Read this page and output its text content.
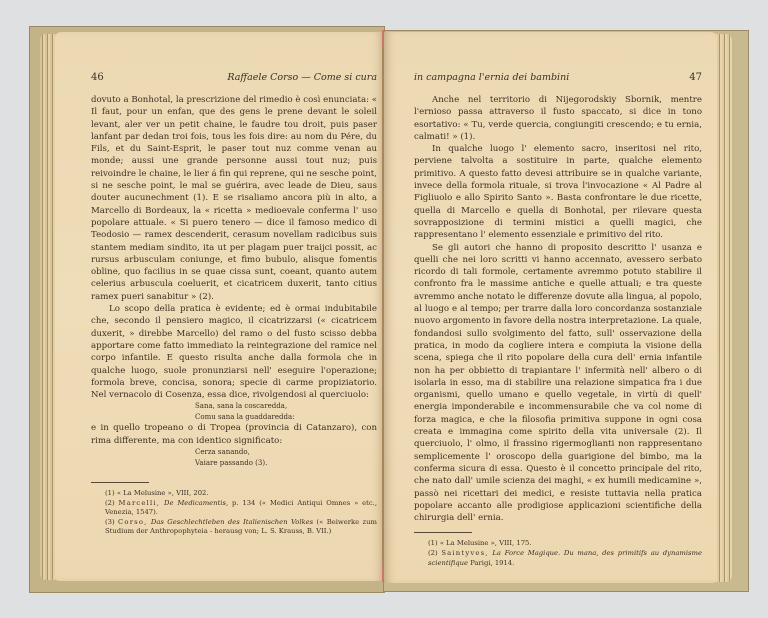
46	Raffaele Corso — Come si cura

dovuto a Bonhotal, la prescrizione del rimedio è così enunciata: « Il faut, pour un enfan, que des gens le prene devant le soleil levant, aler ver un petit chaine, le faudre tou droit, puis paser lanfant par dedan troi fois, tous les fois dire: au nom du Pére, du Fils, et du Saint-Esprit, le paser tout nuz comme venan au monde; aussi une grande personne aussi tout nuz; puis reivoindre le chaine, le lier á fin qui reprene, qui ne sesche point, si ne sesche point, le mal se guérira, avec leade de Dieu, saus douter aucunechment (1). E se risaliamo ancora più in alto, a Marcello di Bordeaux, la « ricetta » medioevale conferma l' uso popolare attuale. « Si puero tenero — dice il famoso medico di Teodosio — ramex descenderit, cerasum novellam radicibus suis stantem mediam sindito, ita ut per plagam puer traijci possit, ac rursus arbusculam coniunge, et fimo bubulo, alisque fomentis obline, quo facilius in se quae cissa sunt, coeant, quanto autem celerius arbuscula coeluerit, et cicatricem duxerit, tanto citius ramex pueri sanabitur » (2).

Lo scopo della pratica è evidente; ed è ormai indubitabile che, secondo il pensiero magico, il cicatrizzarsi (« cicatricem duxerit, » direbbe Marcello) del ramo o del fusto scisso debba apportare come fatto immediato la reintegrazione del ramice nel corpo infantile. E questo risulta anche dalla formola che in qualche luogo, suole pronunziarsi nell' eseguire l'operazione; formola breve, concisa, sonora; specie di carme propiziatorio. Nel vernacolo di Cosenza, essa dice, rivolgendosi al querciuolo:

Sana, sana la coscaredda,
Comu sana la guaddaredda:

e in quello tropeano o di Tropea (provincia di Catanzaro), con rima differente, ma con identico significato:

Cerza sanando,
Vaiare passando (3).
(1) « La Melusine », VIII, 202.
(2) Marcelli, De Medicamentis, p. 134 (« Medici Antiqui Omnes » etc., Venezia, 1547).
(3) Corso, Das Geschlechtleben des Italienischen Volkes (« Beiwerke zum Studium der Anthropophyteia - herausg von; L. S. Krauss, B. VII.)
in campagna l'ernia dei bambini	47

Anche nel territorio di Nijegorodskiy Sbornik, mentre l'ernioso passa attraverso il fusto spaccato, si dice in tono esortativo: « Tu, verde quercia, congiungiti crescendo; e tu ernia, calmati! » (1).

In qualche luogo l' elemento sacro, inseritosi nel rito, perviene talvolta a sostituire in parte, qualche elemento primitivo. A questo fatto devesi attribuire se in qualche variante, invece della formola rituale, si trova l'invocazione « Al Padre al Figliuolo e allo Spirito Santo ». Basta confrontare le due ricette, quella di Marcello e quella di Bonhotal, per rilevare questa sovrapposizione di termini mistici a quelli magici, che rappresentano l' elemento essenziale e primitivo del rito.

Se gli autori che hanno di proposito descritto l' usanza e quelli che nei loro scritti vi hanno accennato, avessero serbato ricordo di tali formole, certamente avremmo potuto stabilire il confronto fra le massime antiche e quelle attuali; e tra queste avremmo anche notato le differenze dovute alla lingua, al popolo, al luogo e al tempo; per trarre dalla loro concordanza sostanziale nuovo argomento in favore della nostra interpretazione. La quale, fondandosi sullo svolgimento del fatto, sull' osservazione della pratica, in modo da cogliere intera e compiuta la visione della scena, spiega che il rito popolare della cura dell' ernia infantile non ha per obbietto di trapiantare l' infermità nell' albero o di isolarla in esso, ma di stabilire una relazione simpatica fra i due organismi, quello umano e quello vegetale, in virtù di quell' energia imponderabile e incommensurabile che va col nome di forza magica, e che la filosofia primitiva suppone in ogni cosa creata e immagina come spirito della vita universale (2). Il querciuolo, l' olmo, il frassino rigermoglianti non rappresentano semplicemente l' oroscopo della guarigione del bimbo, ma la conferma sicura di essa. Questo è il concetto principale del rito, che nato dall' umile scienza dei maghi, « ex humili medicamine », passò nei ricettari dei medici, e resiste tuttavia nella pratica popolare accanto alle prodigiose applicazioni scientifiche della chirurgia dell' ernia.

(1) « La Melusine », VIII, 175.
(2) Saintyves, La Force Magique. Du mana, des primitifs au dynamisme scientifique Parigi, 1914.
